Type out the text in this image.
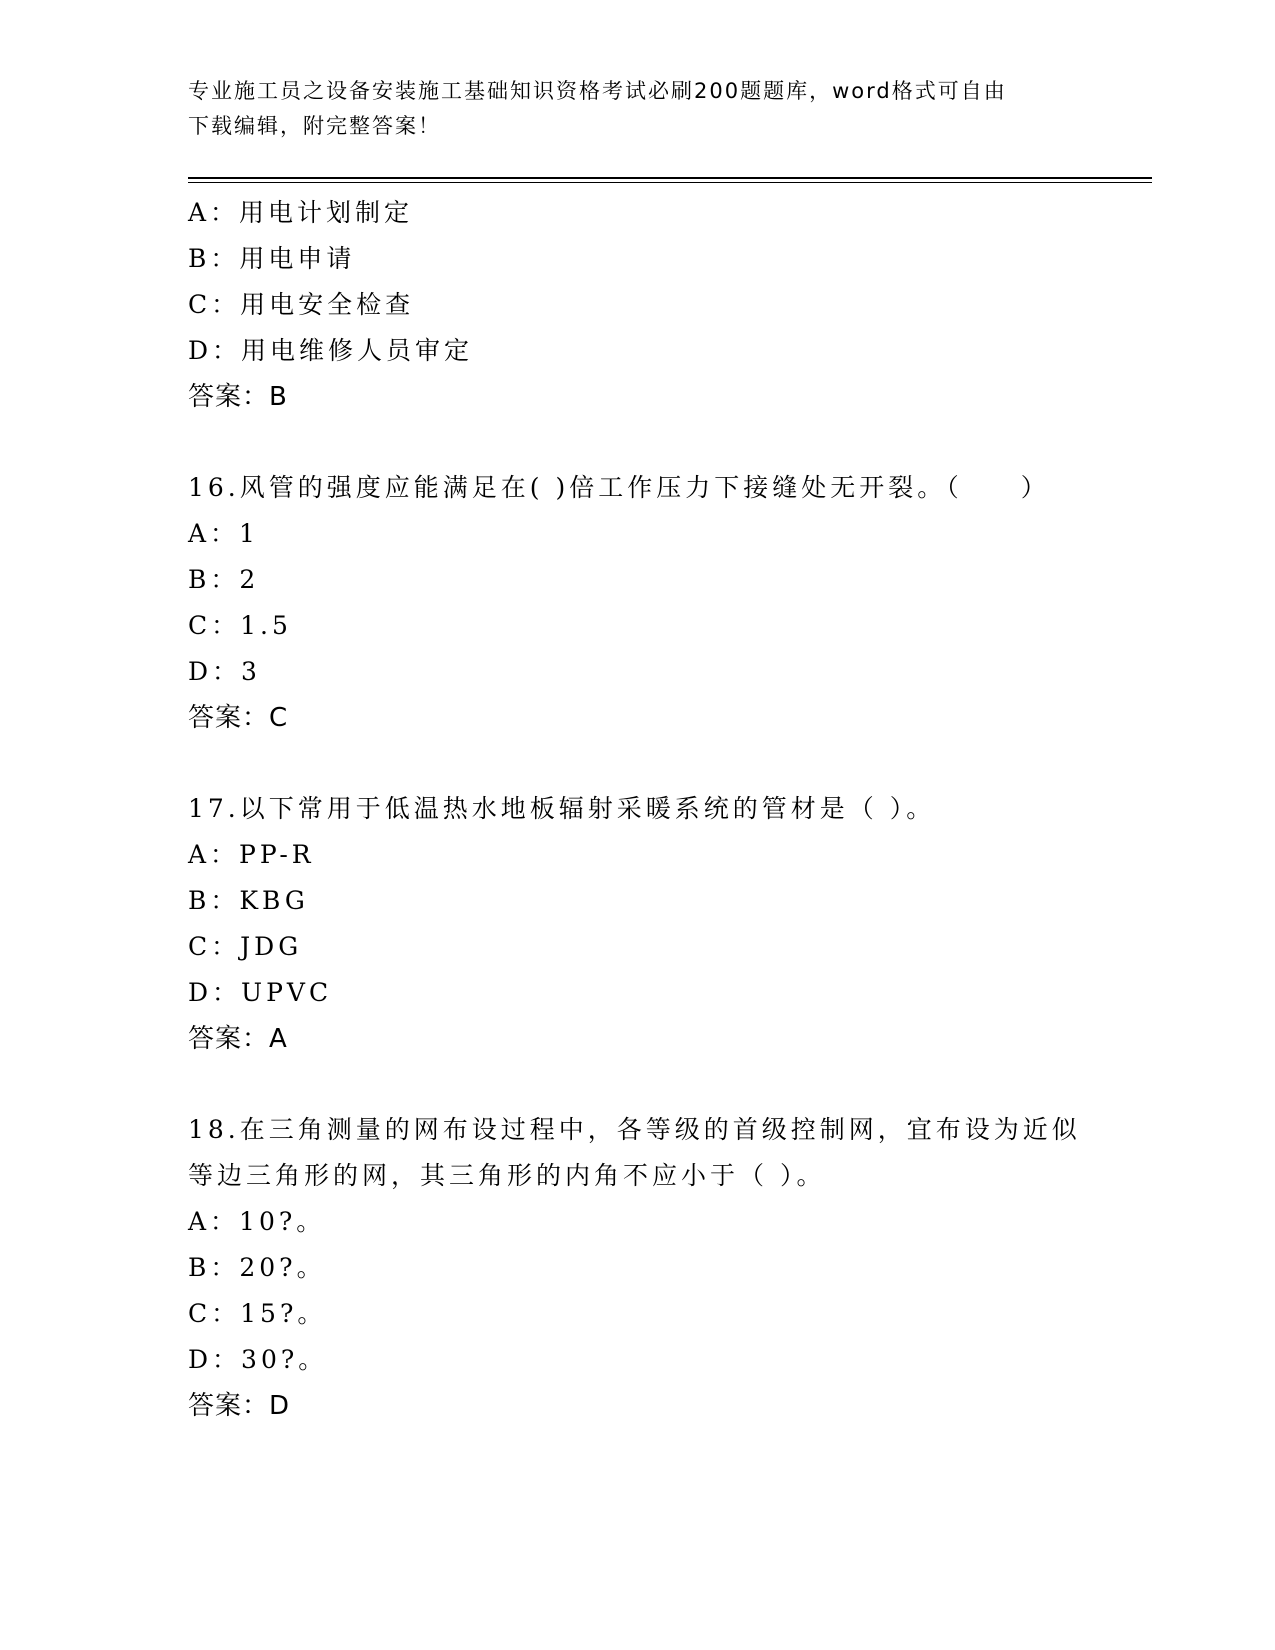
专业施工员之设备安装施工基础知识资格考试必刷200题题库，word格式可自由
下载编辑，附完整答案！
A：用电计划制定
B：用电申请
C：用电安全检查
D：用电维修人员审定
答案：B
16.风管的强度应能满足在( )倍工作压力下接缝处无开裂。（　　）
A：1
B：2
C：1.5
D：3
答案：C
17.以下常用于低温热水地板辐射采暖系统的管材是（ ）。
A：PP-R
B：KBG
C：JDG
D：UPVC
答案：A
18.在三角测量的网布设过程中，各等级的首级控制网，宜布设为近似
等边三角形的网，其三角形的内角不应小于（ ）。
A：10?。
B：20?。
C：15?。
D：30?。
答案：D
